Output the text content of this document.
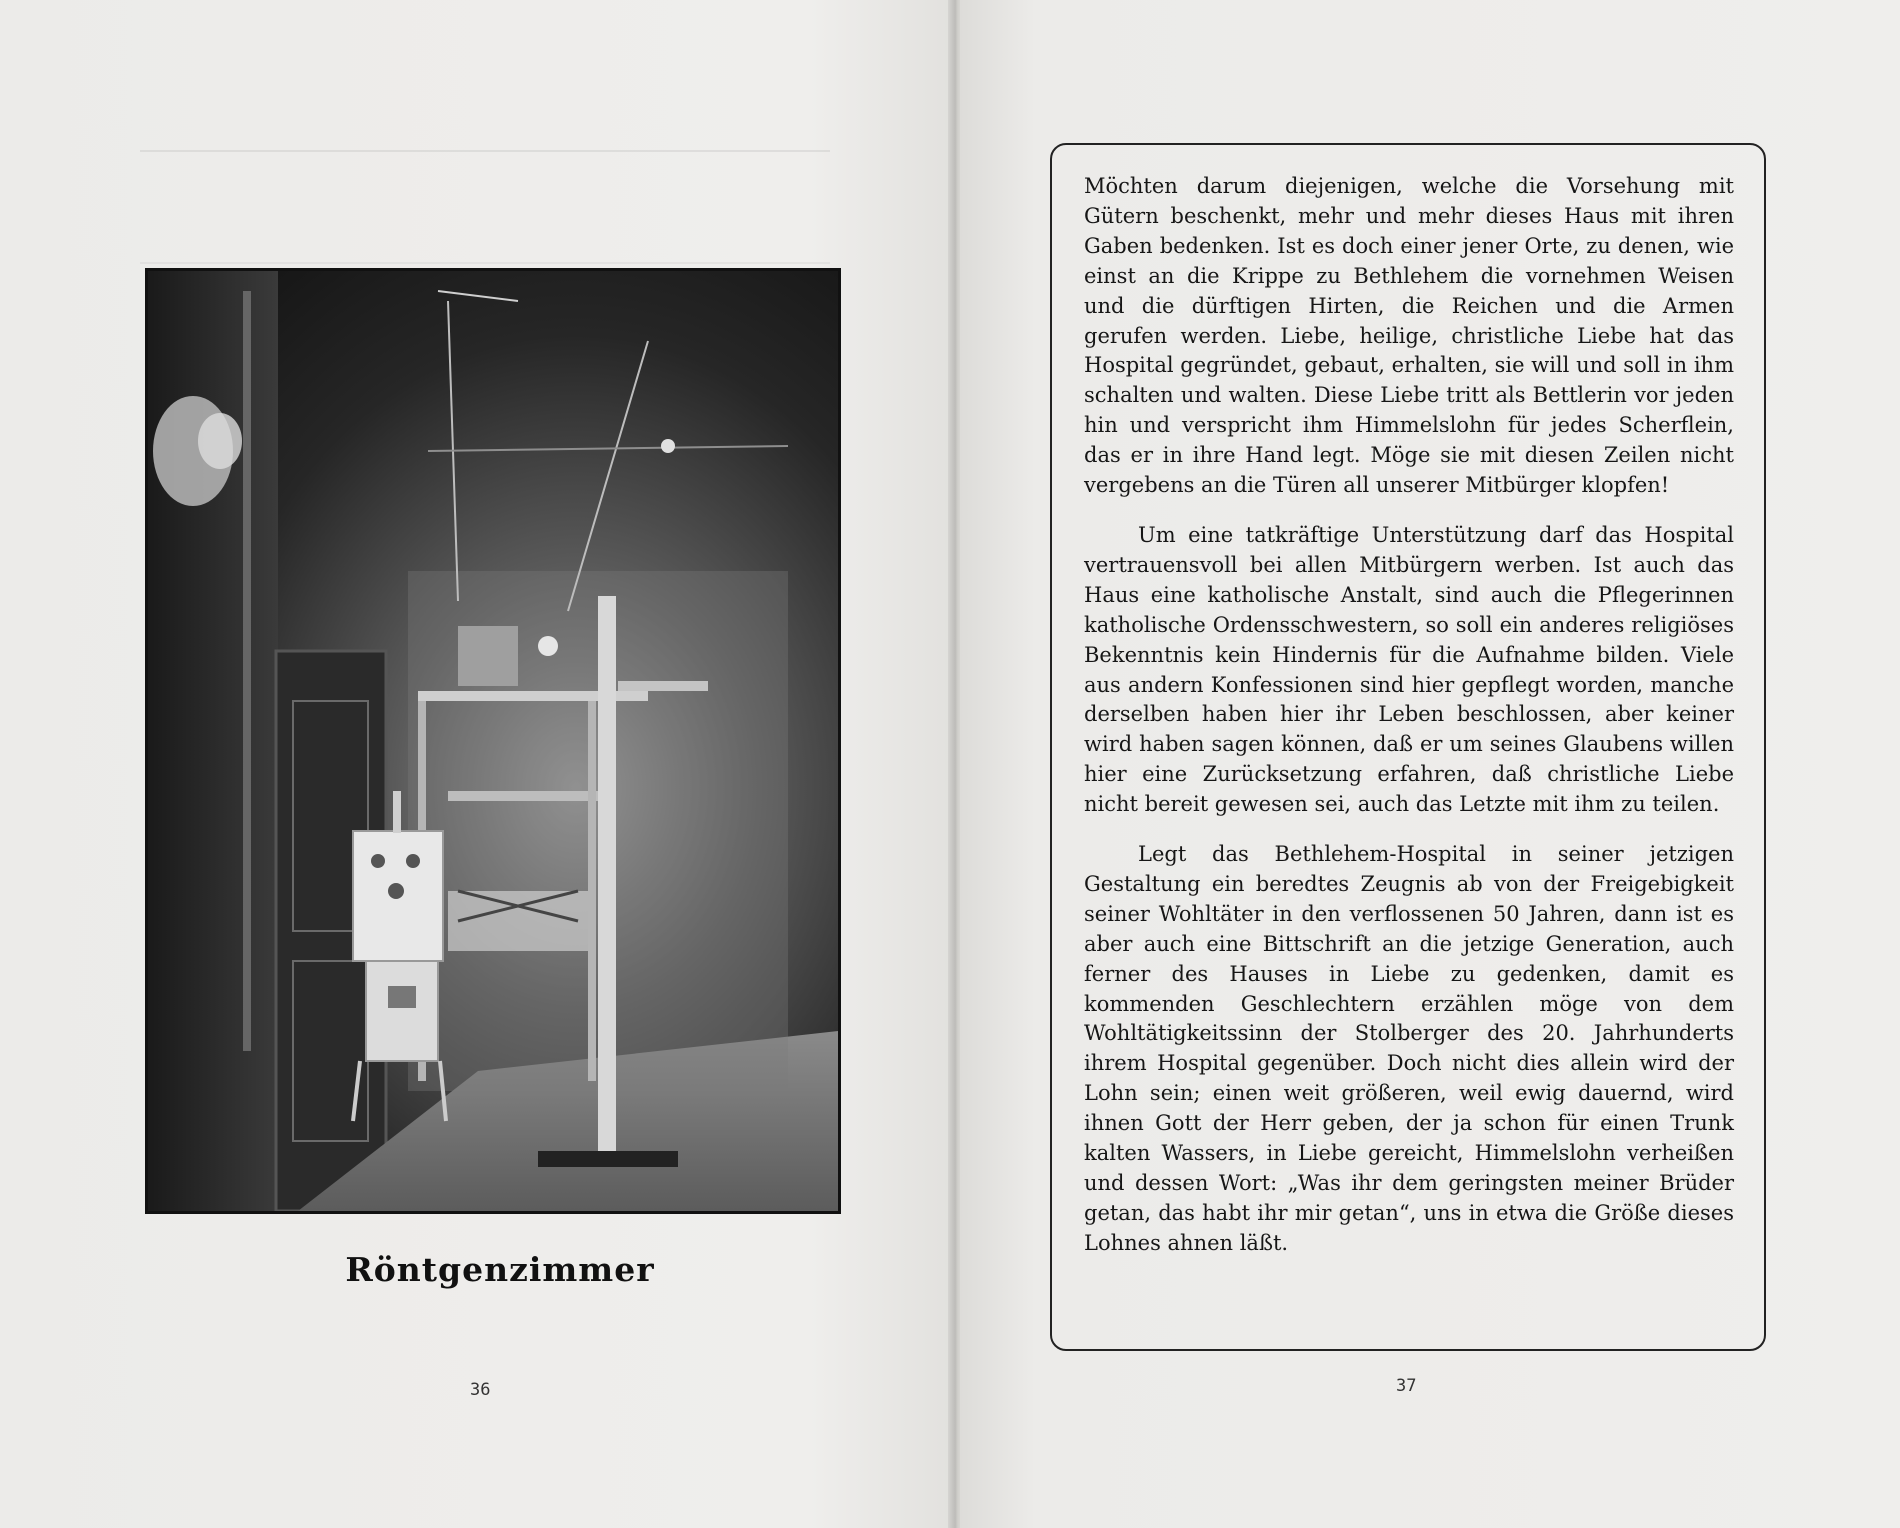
Röntgenzimmer
36

Möchten darum diejenigen, welche die Vorsehung mit Gütern beschenkt, mehr und mehr dieses Haus mit ihren Gaben bedenken. Ist es doch einer jener Orte, zu denen, wie einst an die Krippe zu Bethlehem die vornehmen Weisen und die dürftigen Hirten, die Reichen und die Armen gerufen werden. Liebe, heilige, christliche Liebe hat das Hospital gegründet, gebaut, erhalten, sie will und soll in ihm schalten und walten. Diese Liebe tritt als Bettlerin vor jeden hin und verspricht ihm Himmelslohn für jedes Scherflein, das er in ihre Hand legt. Möge sie mit diesen Zeilen nicht vergebens an die Türen all unserer Mitbürger klopfen!

Um eine tatkräftige Unterstützung darf das Hospital vertrauensvoll bei allen Mitbürgern werben. Ist auch das Haus eine katholische Anstalt, sind auch die Pflegerinnen katholische Ordensschwestern, so soll ein anderes religiöses Bekenntnis kein Hindernis für die Aufnahme bilden. Viele aus andern Konfessionen sind hier gepflegt worden, manche derselben haben hier ihr Leben beschlossen, aber keiner wird haben sagen können, daß er um seines Glaubens willen hier eine Zurücksetzung erfahren, daß christliche Liebe nicht bereit gewesen sei, auch das Letzte mit ihm zu teilen.

Legt das Bethlehem-Hospital in seiner jetzigen Gestaltung ein beredtes Zeugnis ab von der Freigebigkeit seiner Wohltäter in den verflossenen 50 Jahren, dann ist es aber auch eine Bittschrift an die jetzige Generation, auch ferner des Hauses in Liebe zu gedenken, damit es kommenden Geschlechtern erzählen möge von dem Wohltätigkeitssinn der Stolberger des 20. Jahrhunderts ihrem Hospital gegenüber. Doch nicht dies allein wird der Lohn sein; einen weit größeren, weil ewig dauernd, wird ihnen Gott der Herr geben, der ja schon für einen Trunk kalten Wassers, in Liebe gereicht, Himmelslohn verheißen und dessen Wort: „Was ihr dem geringsten meiner Brüder getan, das habt ihr mir getan“, uns in etwa die Größe dieses Lohnes ahnen läßt.

37
